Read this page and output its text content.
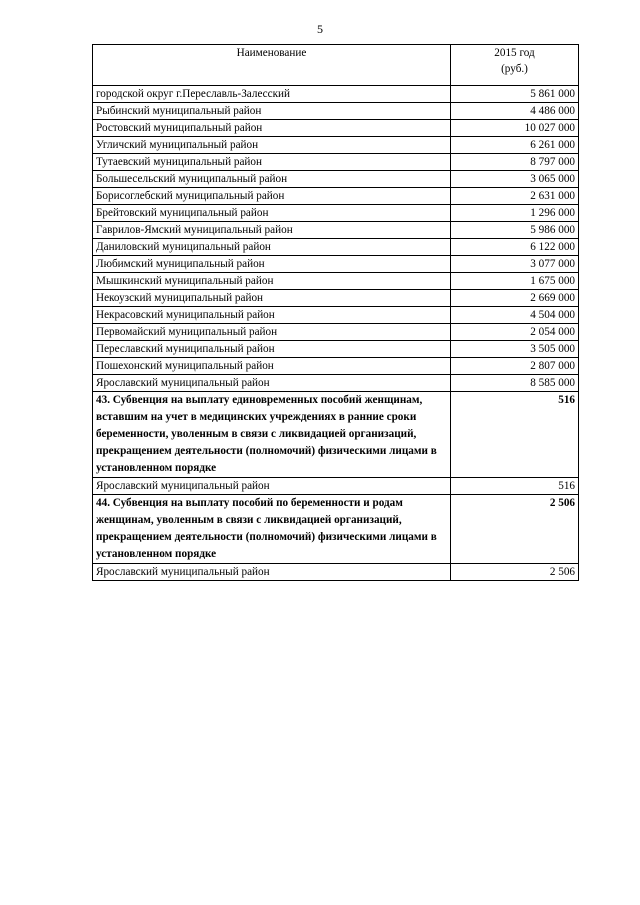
5
Наименование	2015 год
(руб.)

городской округ г.Переславль-Залесский	5 861 000
Рыбинский муниципальный район	4 486 000
Ростовский муниципальный район	10 027 000
Угличский муниципальный район	6 261 000
Тутаевский муниципальный район	8 797 000
Большесельский муниципальный район	3 065 000
Борисоглебский муниципальный район	2 631 000
Брейтовский муниципальный район	1 296 000
Гаврилов-Ямский муниципальный район	5 986 000
Даниловский муниципальный район	6 122 000
Любимский муниципальный район	3 077 000
Мышкинский муниципальный район	1 675 000
Некоузский муниципальный район	2 669 000
Некрасовский муниципальный район	4 504 000
Первомайский муниципальный район	2 054 000
Переславский муниципальный район	3 505 000
Пошехонский муниципальный район	2 807 000
Ярославский муниципальный район	8 585 000
43. Субвенция на выплату единовременных пособий женщинам, вставшим на учет в медицинских учреждениях в ранние сроки беременности, уволенным в связи с ликвидацией организаций, прекращением деятельности (полномочий) физическими лицами в установленном порядке	516
Ярославский муниципальный район	516
44. Субвенция на выплату пособий по беременности и родам женщинам, уволенным в связи с ликвидацией организаций, прекращением деятельности (полномочий) физическими лицами в установленном порядке	2 506
Ярославский муниципальный район	2 506
